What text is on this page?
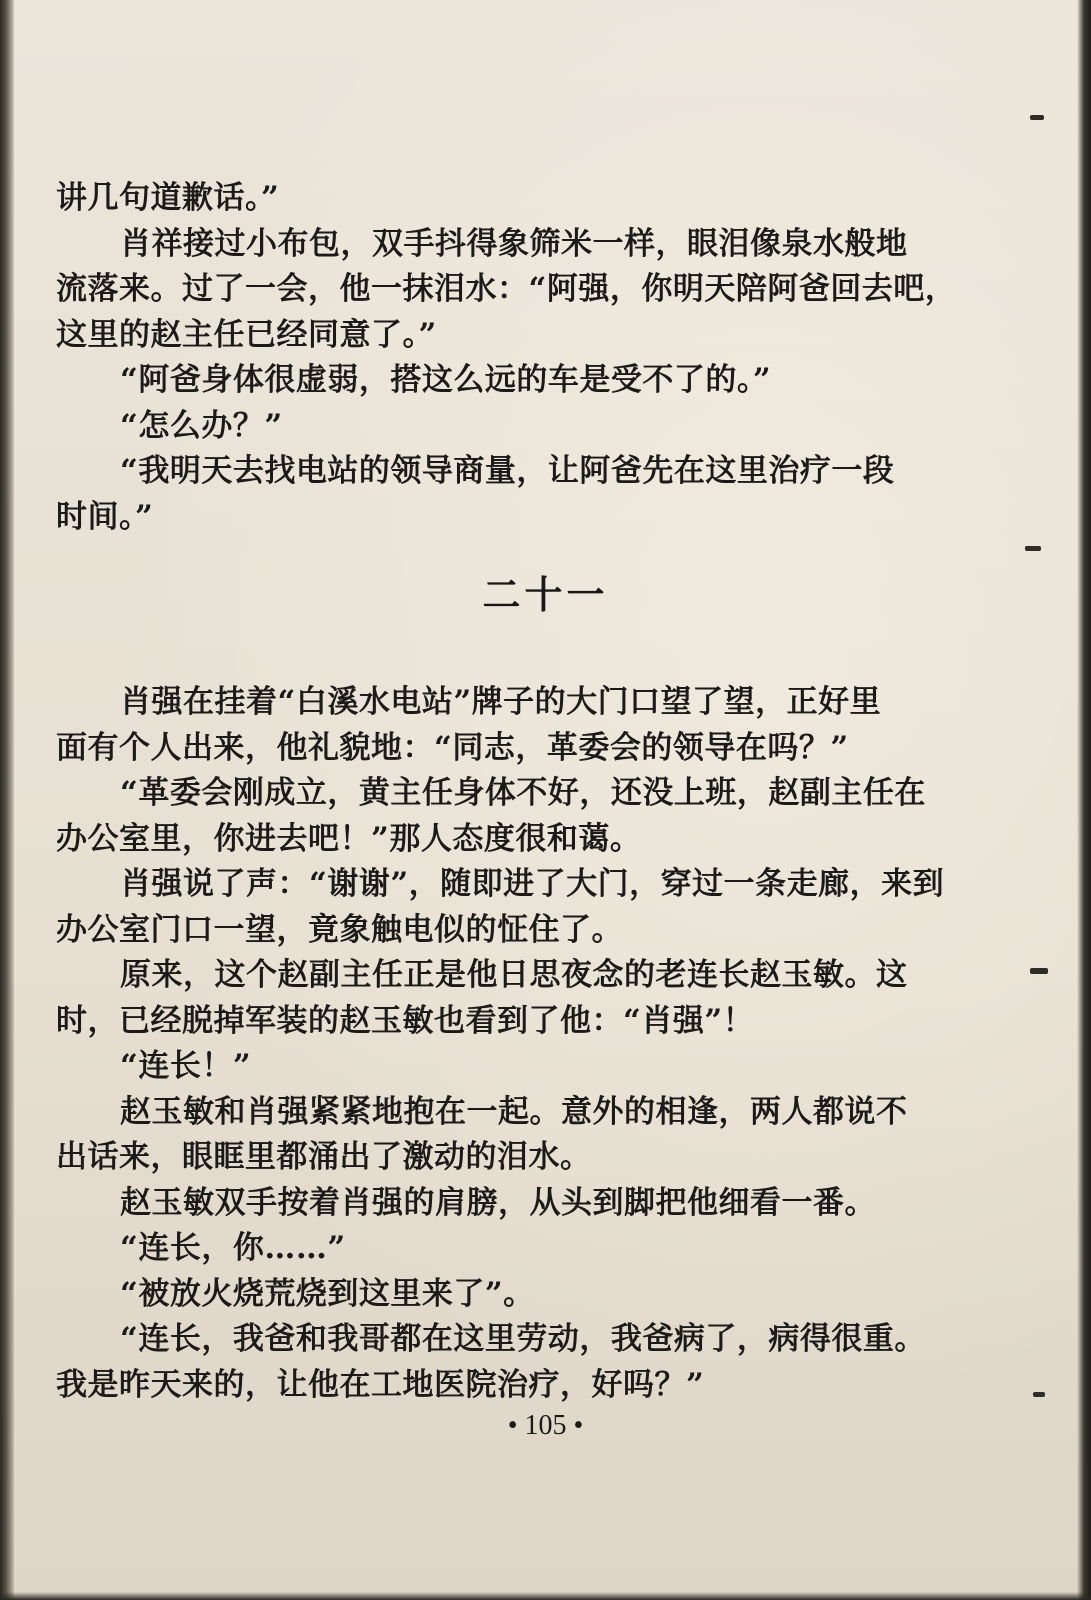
讲几句道歉话。”
肖祥接过小布包，双手抖得象筛米一样，眼泪像泉水般地
流落来。过了一会，他一抹泪水：“阿强，你明天陪阿爸回去吧，
这里的赵主任已经同意了。”
“阿爸身体很虚弱，搭这么远的车是受不了的。”
“怎么办？”
“我明天去找电站的领导商量，让阿爸先在这里治疗一段
时间。”
二十一
肖强在挂着“白溪水电站”牌子的大门口望了望，正好里
面有个人出来，他礼貌地：“同志，革委会的领导在吗？”
“革委会刚成立，黄主任身体不好，还没上班，赵副主任在
办公室里，你进去吧！”那人态度很和蔼。
肖强说了声：“谢谢”，随即进了大门，穿过一条走廊，来到
办公室门口一望，竟象触电似的怔住了。
原来，这个赵副主任正是他日思夜念的老连长赵玉敏。这
时，已经脱掉军装的赵玉敏也看到了他：“肖强”！
“连长！”
赵玉敏和肖强紧紧地抱在一起。意外的相逢，两人都说不
出话来，眼眶里都涌出了激动的泪水。
赵玉敏双手按着肖强的肩膀，从头到脚把他细看一番。
“连长，你……”
“被放火烧荒烧到这里来了”。
“连长，我爸和我哥都在这里劳动，我爸病了，病得很重。
我是昨天来的，让他在工地医院治疗，好吗？”
• 105 •
